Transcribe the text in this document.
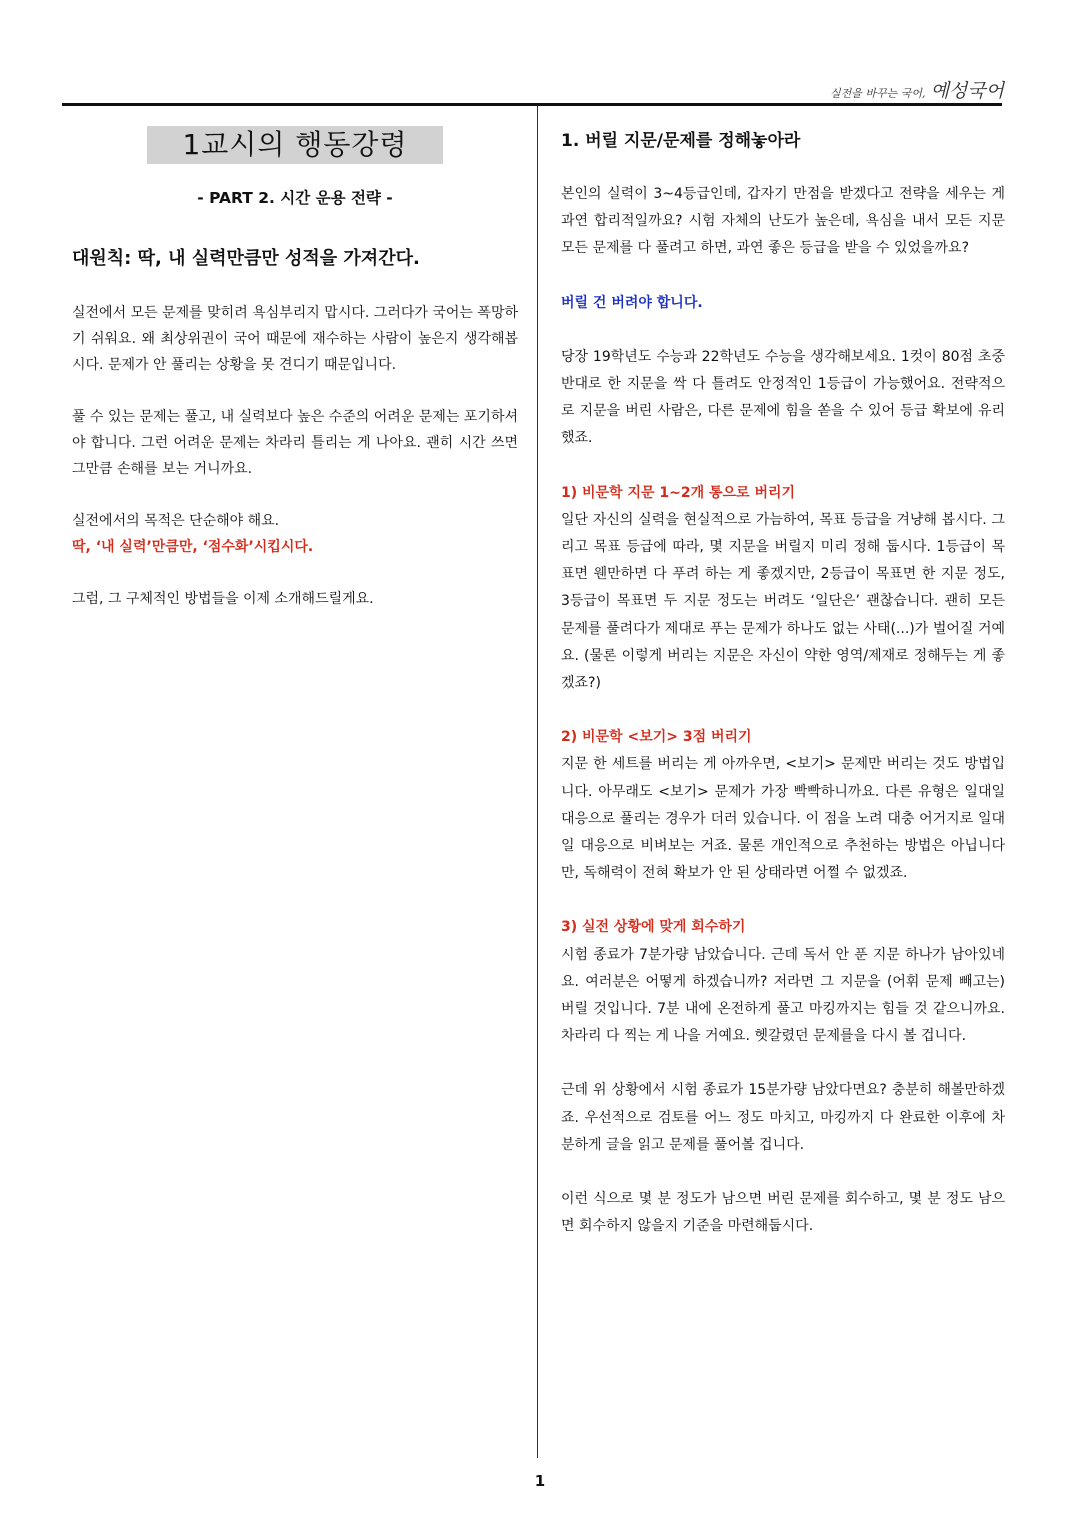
실전을 바꾸는 국어, 예성국어
1교시의 행동강령
- PART 2. 시간 운용 전략 -
대원칙: 딱, 내 실력만큼만 성적을 가져간다.

실전에서 모든 문제를 맞히려 욕심부리지 맙시다. 그러다가 국어는 폭망하기 쉬워요. 왜 최상위권이 국어 때문에 재수하는 사람이 높은지 생각해봅시다. 문제가 안 풀리는 상황을 못 견디기 때문입니다.

풀 수 있는 문제는 풀고, 내 실력보다 높은 수준의 어려운 문제는 포기하셔야 합니다. 그런 어려운 문제는 차라리 틀리는 게 나아요. 괜히 시간 쓰면 그만큼 손해를 보는 거니까요.

실전에서의 목적은 단순해야 해요.

딱, ‘내 실력’만큼만, ‘점수화’시킵시다.

그럼, 그 구체적인 방법들을 이제 소개해드릴게요.

1. 버릴 지문/문제를 정해놓아라

본인의 실력이 3~4등급인데, 갑자기 만점을 받겠다고 전략을 세우는 게 과연 합리적일까요? 시험 자체의 난도가 높은데, 욕심을 내서 모든 지문 모든 문제를 다 풀려고 하면, 과연 좋은 등급을 받을 수 있었을까요?

버릴 건 버려야 합니다.

당장 19학년도 수능과 22학년도 수능을 생각해보세요. 1컷이 80점 초중반대로 한 지문을 싹 다 틀려도 안정적인 1등급이 가능했어요. 전략적으로 지문을 버린 사람은, 다른 문제에 힘을 쏟을 수 있어 등급 확보에 유리했죠.

1) 비문학 지문 1~2개 통으로 버리기

일단 자신의 실력을 현실적으로 가늠하여, 목표 등급을 겨냥해 봅시다. 그리고 목표 등급에 따라, 몇 지문을 버릴지 미리 정해 둡시다. 1등급이 목표면 웬만하면 다 푸려 하는 게 좋겠지만, 2등급이 목표면 한 지문 정도, 3등급이 목표면 두 지문 정도는 버려도 ‘일단은’ 괜찮습니다. 괜히 모든 문제를 풀려다가 제대로 푸는 문제가 하나도 없는 사태(...)가 벌어질 거예요. (물론 이렇게 버리는 지문은 자신이 약한 영역/제재로 정해두는 게 좋겠죠?)

2) 비문학 <보기> 3점 버리기

지문 한 세트를 버리는 게 아까우면, <보기> 문제만 버리는 것도 방법입니다. 아무래도 <보기> 문제가 가장 빡빡하니까요. 다른 유형은 일대일 대응으로 풀리는 경우가 더러 있습니다. 이 점을 노려 대충 어거지로 일대일 대응으로 비벼보는 거죠. 물론 개인적으로 추천하는 방법은 아닙니다만, 독해력이 전혀 확보가 안 된 상태라면 어쩔 수 없겠죠.

3) 실전 상황에 맞게 회수하기

시험 종료가 7분가량 남았습니다. 근데 독서 안 푼 지문 하나가 남아있네요. 여러분은 어떻게 하겠습니까? 저라면 그 지문을 (어휘 문제 빼고는) 버릴 것입니다. 7분 내에 온전하게 풀고 마킹까지는 힘들 것 같으니까요. 차라리 다 찍는 게 나을 거예요. 헷갈렸던 문제를을 다시 볼 겁니다.

근데 위 상황에서 시험 종료가 15분가량 남았다면요? 충분히 해볼만하겠죠. 우선적으로 검토를 어느 정도 마치고, 마킹까지 다 완료한 이후에 차분하게 글을 읽고 문제를 풀어볼 겁니다.

이런 식으로 몇 분 정도가 남으면 버린 문제를 회수하고, 몇 분 정도 남으면 회수하지 않을지 기준을 마련해둡시다.

1
